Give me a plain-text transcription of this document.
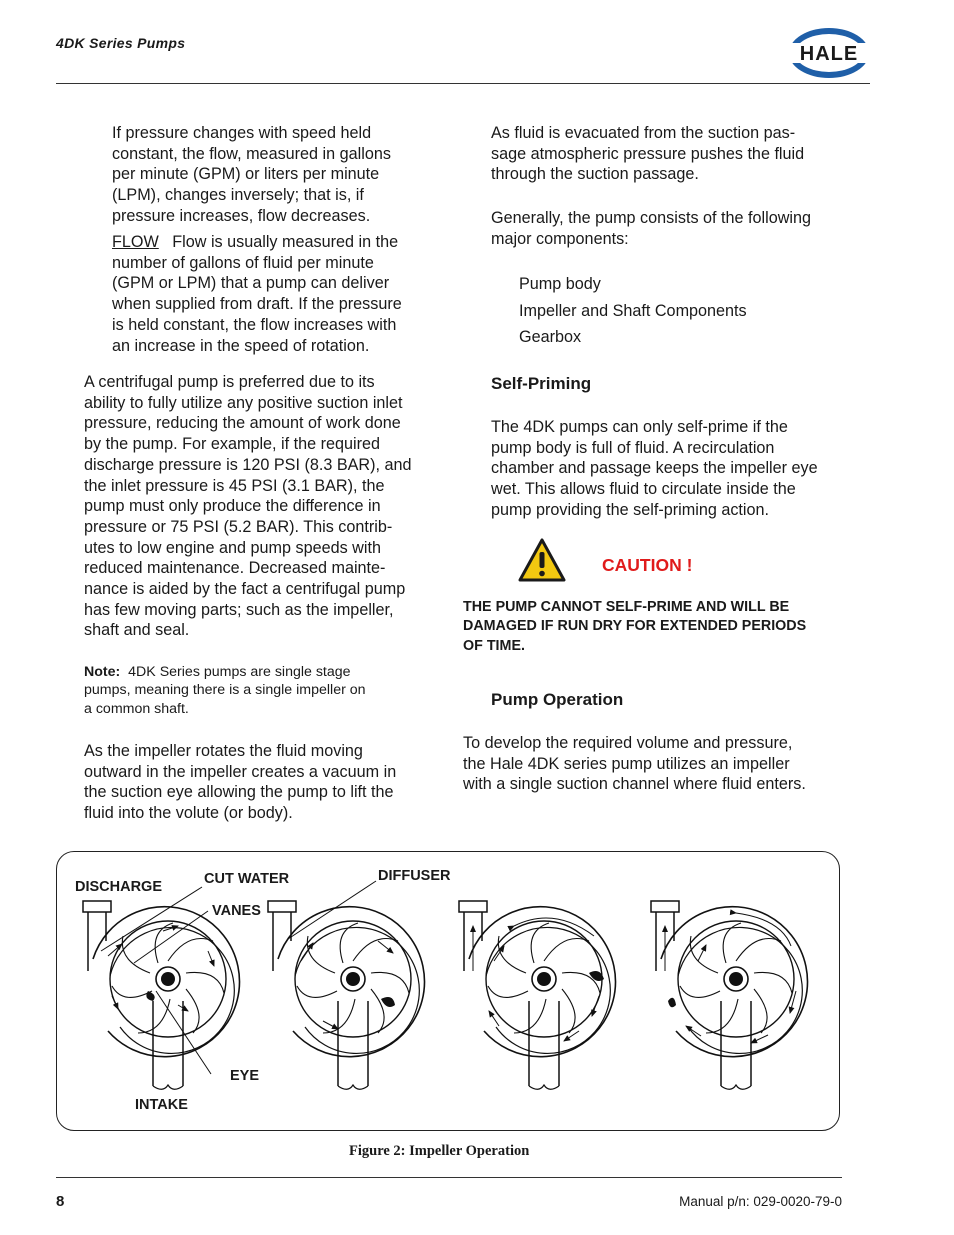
4DK Series Pumps	HALE

If pressure changes with speed held

constant, the flow, measured in gallons

per minute (GPM) or liters per minute

(LPM), changes inversely; that is, if

pressure increases, flow decreases.

FLOW Flow is usually measured in the

number of gallons of fluid per minute

(GPM or LPM) that a pump can deliver

when supplied from draft. If the pressure

is held constant, the flow increases with

an increase in the speed of rotation.

A centrifugal pump is preferred due to its

ability to fully utilize any positive suction inlet

pressure, reducing the amount of work done

by the pump. For example, if the required

discharge pressure is 120 PSI (8.3 BAR), and

the inlet pressure is 45 PSI (3.1 BAR), the

pump must only produce the difference in

pressure or 75 PSI (5.2 BAR). This contrib-

utes to low engine and pump speeds with

reduced maintenance. Decreased mainte-

nance is aided by the fact a centrifugal pump

has few moving parts; such as the impeller,

shaft and seal.

Note: 4DK Series pumps are single stage
pumps, meaning there is a single impeller on
a common shaft.

As the impeller rotates the fluid moving

outward in the impeller creates a vacuum in

the suction eye allowing the pump to lift the

fluid into the volute (or body).

As fluid is evacuated from the suction pas-

sage atmospheric pressure pushes the fluid

through the suction passage.

Generally, the pump consists of the following

major components:

Pump body

Impeller and Shaft Components

Gearbox

Self-Priming

The 4DK pumps can only self-prime if the

pump body is full of fluid. A recirculation

chamber and passage keeps the impeller eye

wet. This allows fluid to circulate inside the

pump providing the self-priming action.

CAUTION !
THE PUMP CANNOT SELF-PRIME AND WILL BE
DAMAGED IF RUN DRY FOR EXTENDED PERIODS
OF TIME.
Pump Operation

To develop the required volume and pressure,

the Hale 4DK series pump utilizes an impeller

with a single suction channel where fluid enters.

DISCHARGE	CUT WATER
VANES
DIFFUSER
EYE
INTAKE
Figure 2: Impeller Operation
8	Manual p/n: 029-0020-79-0
